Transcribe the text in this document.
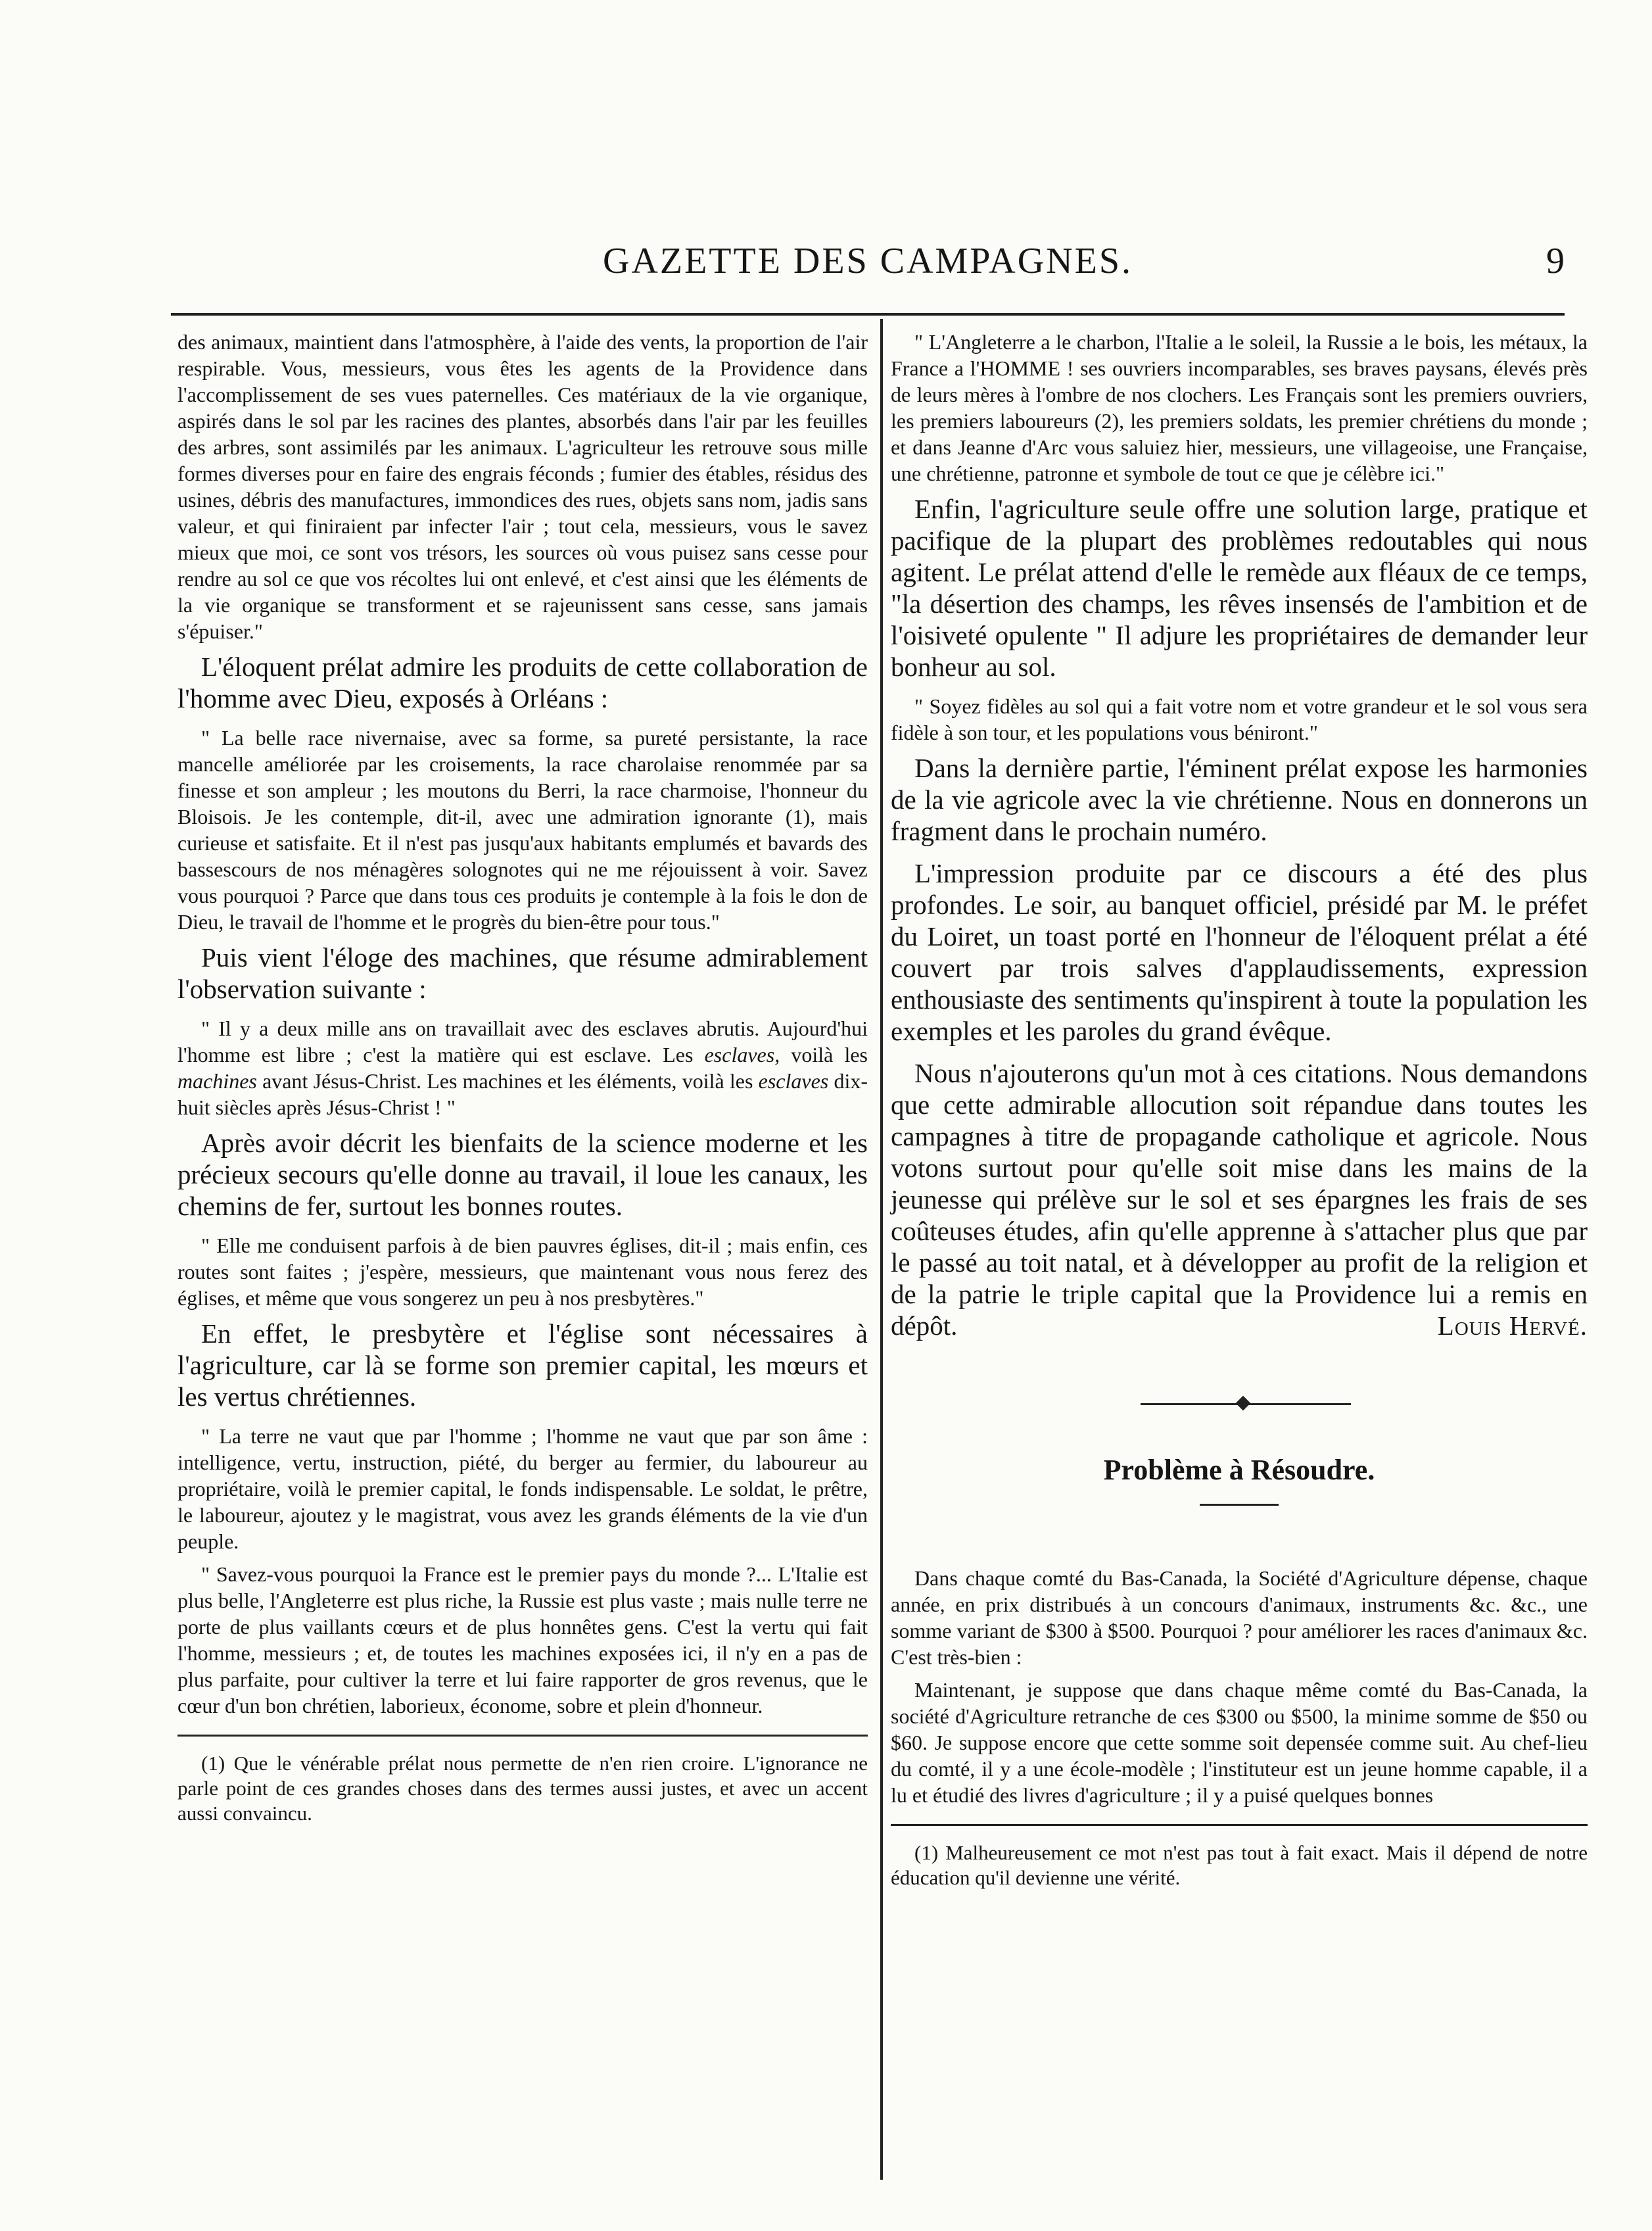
GAZETTE DES CAMPAGNES.	9

des animaux, maintient dans l'atmosphère, à l'aide des vents, la proportion de l'air respirable. Vous, messieurs, vous êtes les agents de la Providence dans l'accomplissement de ses vues paternelles. Ces matériaux de la vie organique, aspirés dans le sol par les racines des plantes, absorbés dans l'air par les feuilles des arbres, sont assimilés par les animaux. L'agriculteur les retrouve sous mille formes diverses pour en faire des engrais féconds ; fumier des étables, résidus des usines, débris des manufactures, immondices des rues, objets sans nom, jadis sans valeur, et qui finiraient par infecter l'air ; tout cela, messieurs, vous le savez mieux que moi, ce sont vos trésors, les sources où vous puisez sans cesse pour rendre au sol ce que vos récoltes lui ont enlevé, et c'est ainsi que les éléments de la vie organique se transforment et se rajeunissent sans cesse, sans jamais s'épuiser."

L'éloquent prélat admire les produits de cette collaboration de l'homme avec Dieu, exposés à Orléans :

" La belle race nivernaise, avec sa forme, sa pureté persistante, la race mancelle améliorée par les croisements, la race charolaise renommée par sa finesse et son ampleur ; les moutons du Berri, la race charmoise, l'honneur du Bloisois. Je les contemple, dit-il, avec une admiration ignorante (1), mais curieuse et satisfaite. Et il n'est pas jusqu'aux habitants emplumés et bavards des bassescours de nos ménagères solognotes qui ne me réjouissent à voir. Savez vous pourquoi ? Parce que dans tous ces produits je contemple à la fois le don de Dieu, le travail de l'homme et le progrès du bien-être pour tous."

Puis vient l'éloge des machines, que résume admirablement l'observation suivante :

" Il y a deux mille ans on travaillait avec des esclaves abrutis. Aujourd'hui l'homme est libre ; c'est la matière qui est esclave. Les esclaves, voilà les machines avant Jésus-Christ. Les machines et les éléments, voilà les esclaves dix-huit siècles après Jésus-Christ ! "

Après avoir décrit les bienfaits de la science moderne et les précieux secours qu'elle donne au travail, il loue les canaux, les chemins de fer, surtout les bonnes routes.

" Elle me conduisent parfois à de bien pauvres églises, dit-il ; mais enfin, ces routes sont faites ; j'espère, messieurs, que maintenant vous nous ferez des églises, et même que vous songerez un peu à nos presbytères."

En effet, le presbytère et l'église sont nécessaires à l'agriculture, car là se forme son premier capital, les mœurs et les vertus chrétiennes.

" La terre ne vaut que par l'homme ; l'homme ne vaut que par son âme : intelligence, vertu, instruction, piété, du berger au fermier, du laboureur au propriétaire, voilà le premier capital, le fonds indispensable. Le soldat, le prêtre, le laboureur, ajoutez y le magistrat, vous avez les grands éléments de la vie d'un peuple.

" Savez-vous pourquoi la France est le premier pays du monde ?... L'Italie est plus belle, l'Angleterre est plus riche, la Russie est plus vaste ; mais nulle terre ne porte de plus vaillants cœurs et de plus honnêtes gens. C'est la vertu qui fait l'homme, messieurs ; et, de toutes les machines exposées ici, il n'y en a pas de plus parfaite, pour cultiver la terre et lui faire rapporter de gros revenus, que le cœur d'un bon chrétien, laborieux, économe, sobre et plein d'honneur.

(1) Que le vénérable prélat nous permette de n'en rien croire. L'ignorance ne parle point de ces grandes choses dans des termes aussi justes, et avec un accent aussi convaincu.

" L'Angleterre a le charbon, l'Italie a le soleil, la Russie a le bois, les métaux, la France a l'HOMME ! ses ouvriers incomparables, ses braves paysans, élevés près de leurs mères à l'ombre de nos clochers. Les Français sont les premiers ouvriers, les premiers laboureurs (2), les premiers soldats, les premier chrétiens du monde ; et dans Jeanne d'Arc vous saluiez hier, messieurs, une villageoise, une Française, une chrétienne, patronne et symbole de tout ce que je célèbre ici."

Enfin, l'agriculture seule offre une solution large, pratique et pacifique de la plupart des problèmes redoutables qui nous agitent. Le prélat attend d'elle le remède aux fléaux de ce temps, "la désertion des champs, les rêves insensés de l'ambition et de l'oisiveté opulente " Il adjure les propriétaires de demander leur bonheur au sol.

" Soyez fidèles au sol qui a fait votre nom et votre grandeur et le sol vous sera fidèle à son tour, et les populations vous béniront."

Dans la dernière partie, l'éminent prélat expose les harmonies de la vie agricole avec la vie chrétienne. Nous en donnerons un fragment dans le prochain numéro.

L'impression produite par ce discours a été des plus profondes. Le soir, au banquet officiel, présidé par M. le préfet du Loiret, un toast porté en l'honneur de l'éloquent prélat a été couvert par trois salves d'applaudissements, expression enthousiaste des sentiments qu'inspirent à toute la population les exemples et les paroles du grand évêque.

Nous n'ajouterons qu'un mot à ces citations. Nous demandons que cette admirable allocution soit répandue dans toutes les campagnes à titre de propagande catholique et agricole. Nous votons surtout pour qu'elle soit mise dans les mains de la jeunesse qui prélève sur le sol et ses épargnes les frais de ses coûteuses études, afin qu'elle apprenne à s'attacher plus que par le passé au toit natal, et à développer au profit de la religion et de la patrie le triple capital que la Providence lui a remis en dépôt.	Louis Hervé.

Problème à Résoudre.

Dans chaque comté du Bas-Canada, la Société d'Agriculture dépense, chaque année, en prix distribués à un concours d'animaux, instruments &c. &c., une somme variant de $300 à $500. Pourquoi ? pour améliorer les races d'animaux &c. C'est très-bien :

Maintenant, je suppose que dans chaque même comté du Bas-Canada, la société d'Agriculture retranche de ces $300 ou $500, la minime somme de $50 ou $60. Je suppose encore que cette somme soit depensée comme suit. Au chef-lieu du comté, il y a une école-modèle ; l'instituteur est un jeune homme capable, il a lu et étudié des livres d'agriculture ; il y a puisé quelques bonnes

(1) Malheureusement ce mot n'est pas tout à fait exact. Mais il dépend de notre éducation qu'il devienne une vérité.
